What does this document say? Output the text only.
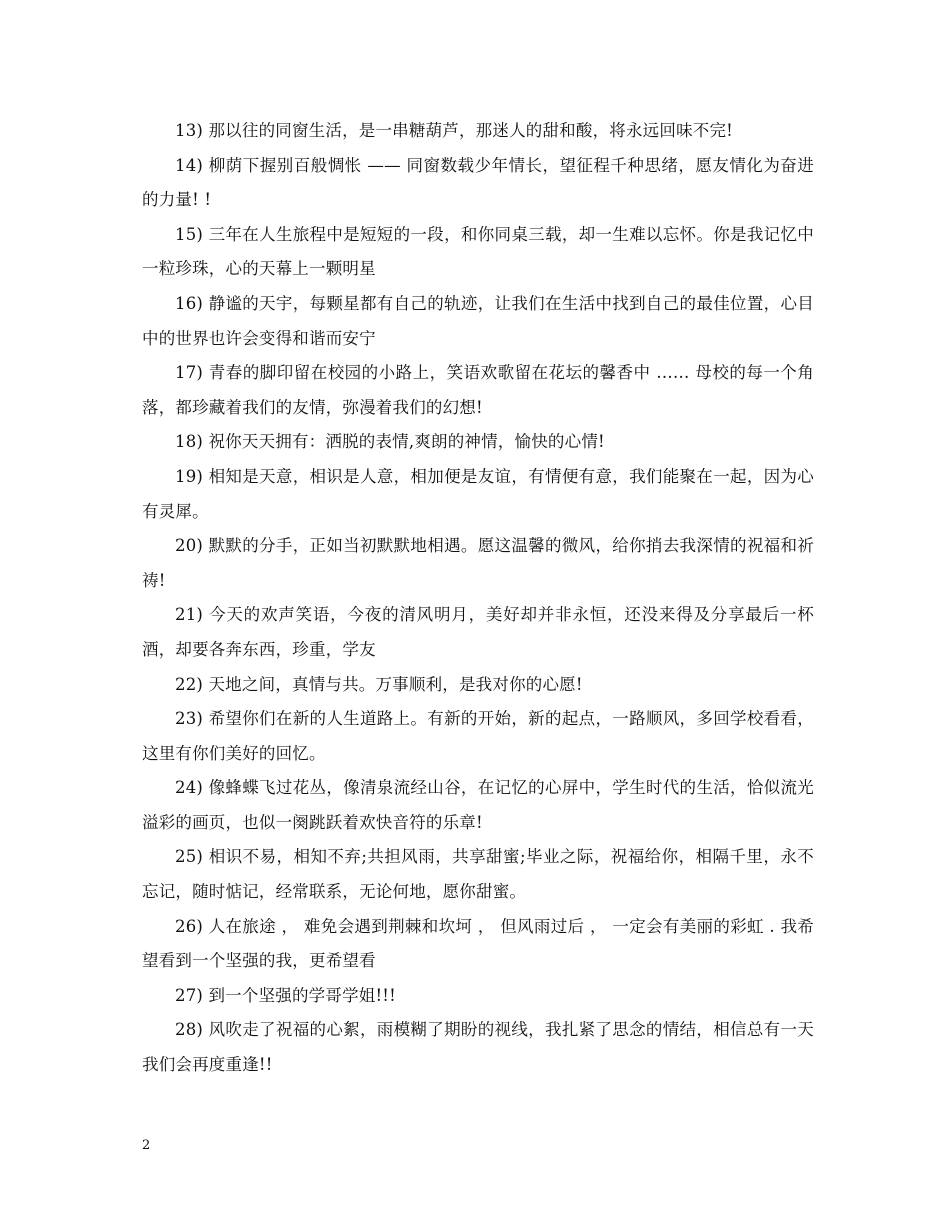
13) 那以往的同窗生活，是一串糖葫芦，那迷人的甜和酸，将永远回味不完!

14) 柳荫下握别百般惆怅 —— 同窗数载少年情长，望征程千种思绪，愿友情化为奋进的力量! !

15) 三年在人生旅程中是短短的一段，和你同桌三载，却一生难以忘怀。你是我记忆中一粒珍珠，心的天幕上一颗明星

16) 静谧的天宇，每颗星都有自己的轨迹，让我们在生活中找到自己的最佳位置，心目中的世界也许会变得和谐而安宁

17) 青春的脚印留在校园的小路上，笑语欢歌留在花坛的馨香中 …… 母校的每一个角落，都珍藏着我们的友情，弥漫着我们的幻想!

18) 祝你天天拥有：洒脱的表情,爽朗的神情，愉快的心情!

19) 相知是天意，相识是人意，相加便是友谊，有情便有意，我们能聚在一起，因为心有灵犀。

20) 默默的分手，正如当初默默地相遇。愿这温馨的微风，给你捎去我深情的祝福和祈祷!

21) 今天的欢声笑语，今夜的清风明月，美好却并非永恒，还没来得及分享最后一杯酒，却要各奔东西，珍重，学友

22) 天地之间，真情与共。万事顺利，是我对你的心愿!

23) 希望你们在新的人生道路上。有新的开始，新的起点，一路顺风，多回学校看看，这里有你们美好的回忆。

24) 像蜂蝶飞过花丛，像清泉流经山谷，在记忆的心屏中，学生时代的生活，恰似流光溢彩的画页，也似一阕跳跃着欢快音符的乐章!

25) 相识不易，相知不弃;共担风雨，共享甜蜜;毕业之际，祝福给你，相隔千里，永不忘记，随时惦记，经常联系，无论何地，愿你甜蜜。

26) 人在旅途 ， 难免会遇到荆棘和坎坷 ， 但风雨过后 ， 一定会有美丽的彩虹 . 我希望看到一个坚强的我，更希望看

27) 到一个坚强的学哥学姐!!!

28) 风吹走了祝福的心絮，雨模糊了期盼的视线，我扎紧了思念的情结，相信总有一天我们会再度重逢!!

2
